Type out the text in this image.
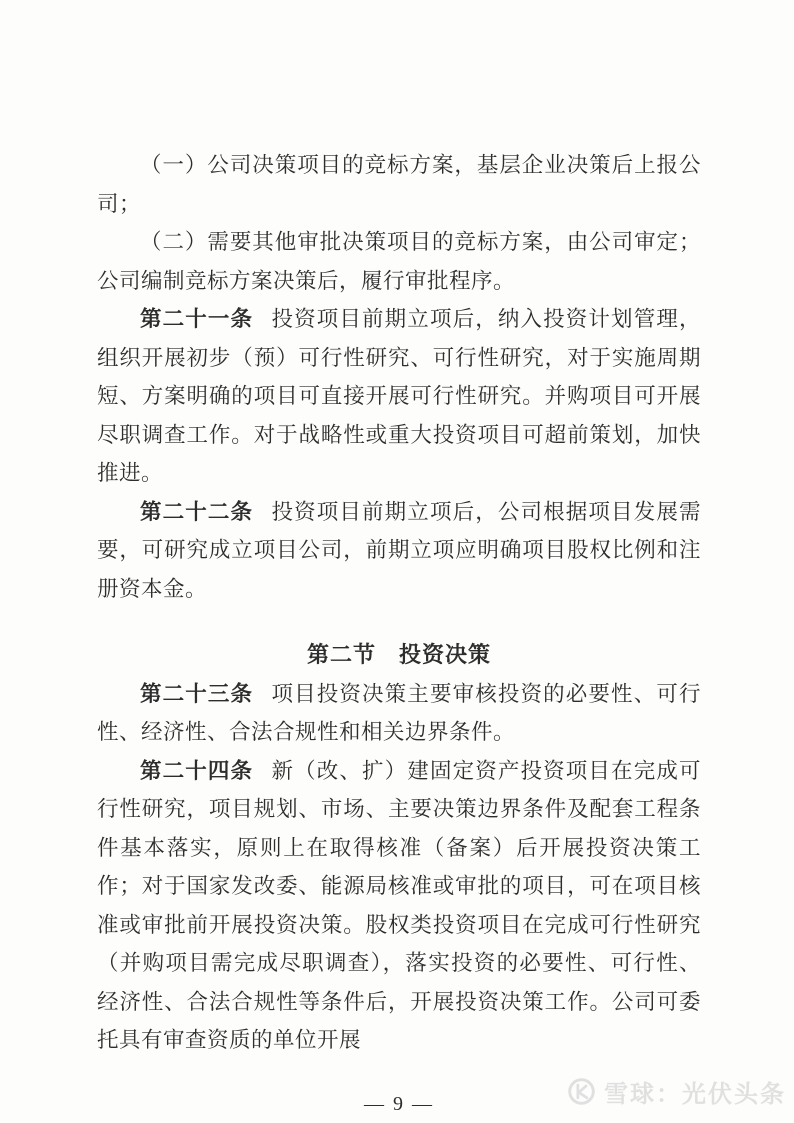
（一）公司决策项目的竞标方案，基层企业决策后上报公司；

（二）需要其他审批决策项目的竞标方案，由公司审定；公司编制竞标方案决策后，履行审批程序。

第二十一条 投资项目前期立项后，纳入投资计划管理，组织开展初步（预）可行性研究、可行性研究，对于实施周期短、方案明确的项目可直接开展可行性研究。并购项目可开展尽职调查工作。对于战略性或重大投资项目可超前策划，加快推进。

第二十二条 投资项目前期立项后，公司根据项目发展需要，可研究成立项目公司，前期立项应明确项目股权比例和注册资本金。

第二节　投资决策

第二十三条 项目投资决策主要审核投资的必要性、可行性、经济性、合法合规性和相关边界条件。

第二十四条 新（改、扩）建固定资产投资项目在完成可行性研究，项目规划、市场、主要决策边界条件及配套工程条件基本落实，原则上在取得核准（备案）后开展投资决策工作；对于国家发改委、能源局核准或审批的项目，可在项目核准或审批前开展投资决策。股权类投资项目在完成可行性研究（并购项目需完成尽职调查），落实投资的必要性、可行性、经济性、合法合规性等条件后，开展投资决策工作。公司可委托具有审查资质的单位开展

— 9 —	雪球：光伏头条
